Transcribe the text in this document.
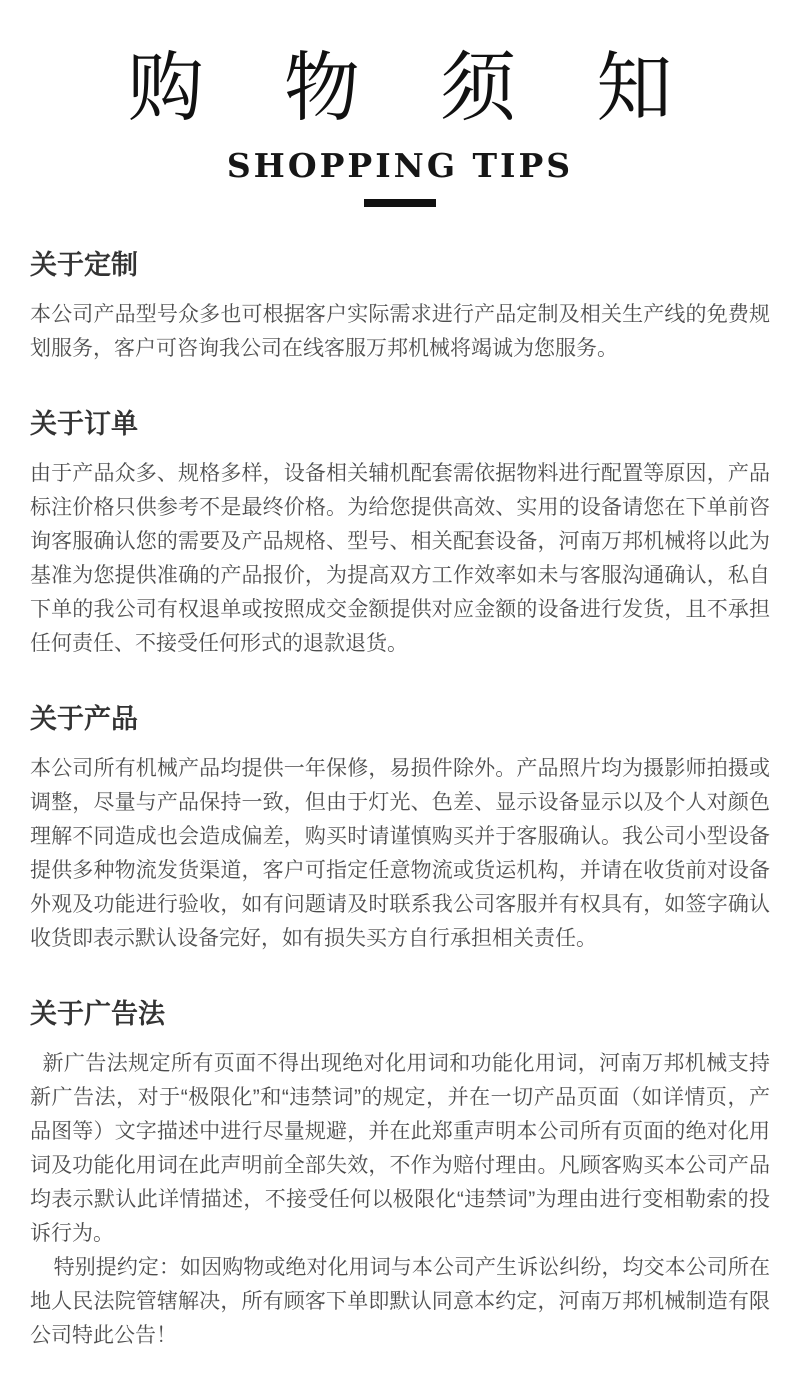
购 物 须 知
SHOPPING TIPS
关于定制

本公司产品型号众多也可根据客户实际需求进行产品定制及相关生产线的免费规划服务，客户可咨询我公司在线客服万邦机械将竭诚为您服务。

关于订单

由于产品众多、规格多样，设备相关辅机配套需依据物料进行配置等原因，产品标注价格只供参考不是最终价格。为给您提供高效、实用的设备请您在下单前咨询客服确认您的需要及产品规格、型号、相关配套设备，河南万邦机械将以此为基准为您提供准确的产品报价，为提高双方工作效率如未与客服沟通确认，私自下单的我公司有权退单或按照成交金额提供对应金额的设备进行发货，且不承担任何责任、不接受任何形式的退款退货。

关于产品

本公司所有机械产品均提供一年保修，易损件除外。产品照片均为摄影师拍摄或调整，尽量与产品保持一致，但由于灯光、色差、显示设备显示以及个人对颜色理解不同造成也会造成偏差，购买时请谨慎购买并于客服确认。我公司小型设备提供多种物流发货渠道，客户可指定任意物流或货运机构，并请在收货前对设备外观及功能进行验收，如有问题请及时联系我公司客服并有权具有，如签字确认收货即表示默认设备完好，如有损失买方自行承担相关责任。

关于广告法

新广告法规定所有页面不得出现绝对化用词和功能化用词，河南万邦机械支持新广告法，对于“极限化”和“违禁词”的规定，并在一切产品页面（如详情页，产品图等）文字描述中进行尽量规避，并在此郑重声明本公司所有页面的绝对化用词及功能化用词在此声明前全部失效，不作为赔付理由。凡顾客购买本公司产品均表示默认此详情描述，不接受任何以极限化“违禁词”为理由进行变相勒索的投诉行为。

特别提约定：如因购物或绝对化用词与本公司产生诉讼纠纷，均交本公司所在地人民法院管辖解决，所有顾客下单即默认同意本约定，河南万邦机械制造有限公司特此公告！
